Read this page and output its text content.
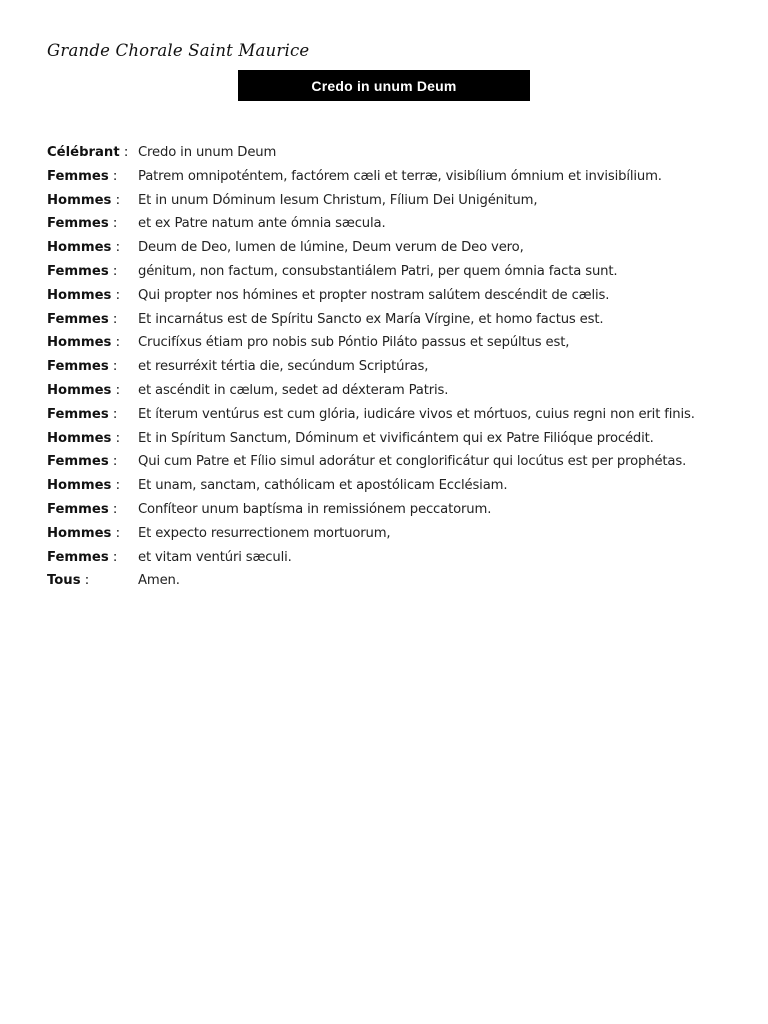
Grande Chorale Saint Maurice
Credo in unum Deum
Célébrant : Credo in unum Deum
Femmes : Patrem omnipoténtem, factórem cæli et terræ, visibílium ómnium et invisibílium.
Hommes : Et in unum Dóminum Iesum Christum, Fílium Dei Unigénitum,
Femmes : et ex Patre natum ante ómnia sæcula.
Hommes : Deum de Deo, lumen de lúmine, Deum verum de Deo vero,
Femmes : génitum, non factum, consubstantiálem Patri, per quem ómnia facta sunt.
Hommes : Qui propter nos hómines et propter nostram salútem descéndit de cælis.
Femmes : Et incarnátus est de Spíritu Sancto ex María Vírgine, et homo factus est.
Hommes : Crucifíxus étiam pro nobis sub Póntio Piláto passus et sepúltus est,
Femmes : et resurréxit tértia die, secúndum Scriptúras,
Hommes : et ascéndit in cælum, sedet ad déxteram Patris.
Femmes : Et íterum ventúrus est cum glória, iudicáre vivos et mórtuos, cuius regni non erit finis.
Hommes : Et in Spíritum Sanctum, Dóminum et vivificántem qui ex Patre Filióque procédit.
Femmes : Qui cum Patre et Fílio simul adorátur et conglorificátur qui locútus est per prophétas.
Hommes : Et unam, sanctam, cathólicam et apostólicam Ecclésiam.
Femmes : Confíteor unum baptísma in remissiónem peccatorum.
Hommes : Et expecto resurrectionem mortuorum,
Femmes : et vitam ventúri sæculi.
Tous :	Amen.
